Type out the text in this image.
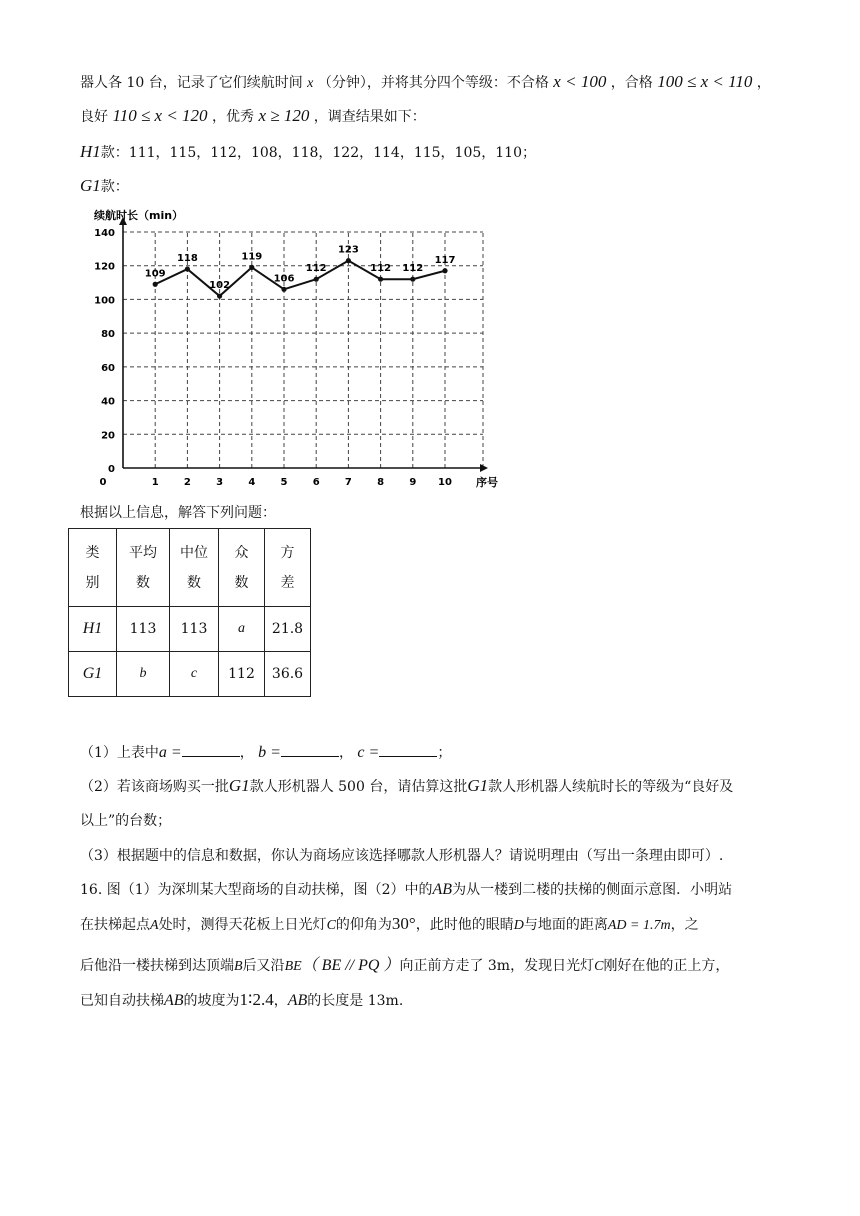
器人各 10 台，记录了它们续航时间 x （分钟），并将其分四个等级：不合格 x < 100 ，合格 100 ≤ x < 110 ，
良好 110 ≤ x < 120 ，优秀 x ≥ 120 ，调查结果如下：
H1款：111，115，112，108，118，122，114，115，105，110；
G1款：
0
20
40
60
80
100
120
140
0	1	2	3	4	5	6	7	8	9 10 序号
续航时长（min）
109
118
102
119
106
112
123
112 112
117
根据以上信息，解答下列问题：
类
别	平均
数	中位
数	众
数	方
差

H1	113	113	a	21.8
G1	b	c	112	36.6
（1）上表中a =	， b =	， c =	；
（2）若该商场购买一批G1款人形机器人 500 台，请估算这批G1款人形机器人续航时长的等级为“良好及
以上”的台数；
（3）根据题中的信息和数据，你认为商场应该选择哪款人形机器人？请说明理由（写出一条理由即可）.
16. 图（1）为深圳某大型商场的自动扶梯，图（2）中的AB为从一楼到二楼的扶梯的侧面示意图．小明站
在扶梯起点A处时，测得天花板上日光灯C的仰角为30°，此时他的眼睛D与地面的距离AD = 1.7m，之
后他沿一楼扶梯到达顶端B后又沿BE（ BE // PQ ）向正前方走了 3m，发现日光灯C刚好在他的正上方，
已知自动扶梯AB的坡度为1∶2.4，AB的长度是 13m.
